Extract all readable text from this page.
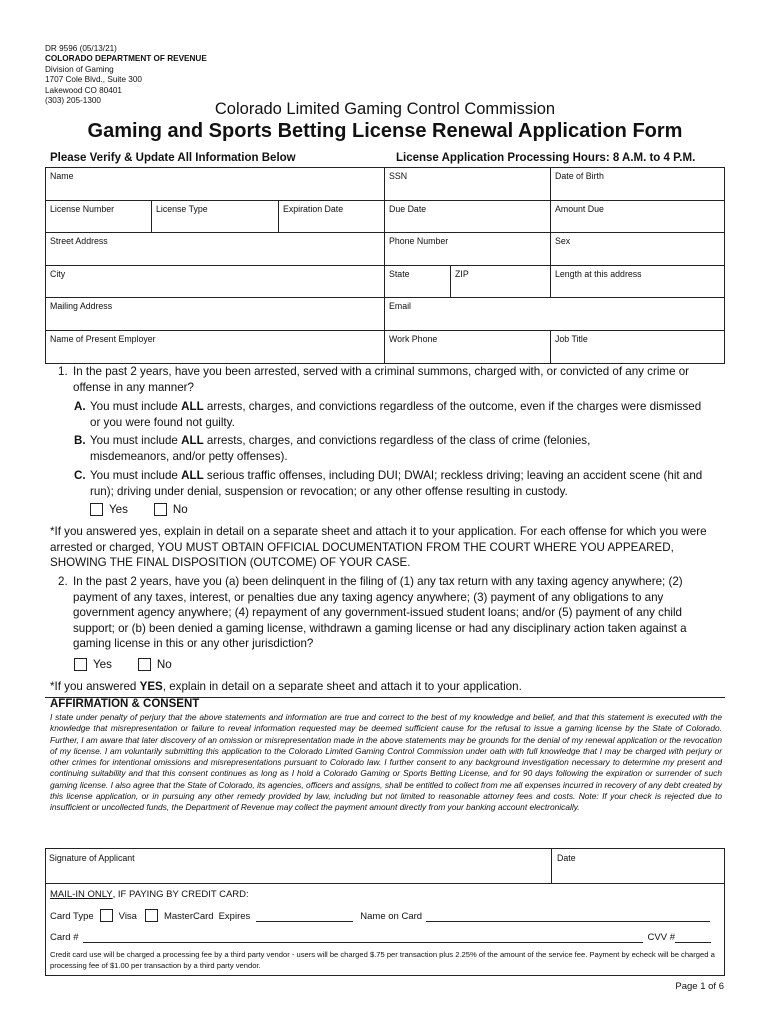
DR 9596 (05/13/21)
COLORADO DEPARTMENT OF REVENUE
Division of Gaming
1707 Cole Blvd., Suite 300
Lakewood CO 80401
(303) 205-1300	Colorado Limited Gaming Control Commission
Gaming and Sports Betting License Renewal Application Form
Please Verify & Update All Information Below	License Application Processing Hours: 8 A.M. to 4 P.M.
Name	SSN	Date of Birth
License Number	License Type	Expiration Date	Due Date	Amount Due
Street Address	Phone Number	Sex
City	State	ZIP	Length at this address
Mailing Address	Email
Name of Present Employer	Work Phone	Job Title
1. In the past 2 years, have you been arrested, served with a criminal summons, charged with, or convicted of any crime or offense in any manner?
A. You must include ALL arrests, charges, and convictions regardless of the outcome, even if the charges were dismissed or you were found not guilty.
B. You must include ALL arrests, charges, and convictions regardless of the class of crime (felonies, misdemeanors, and/or petty offenses).
C. You must include ALL serious traffic offenses, including DUI; DWAI; reckless driving; leaving an accident scene (hit and run); driving under denial, suspension or revocation; or any other offense resulting in custody.
Yes	No
*If you answered yes, explain in detail on a separate sheet and attach it to your application. For each offense for which you were arrested or charged, YOU MUST OBTAIN OFFICIAL DOCUMENTATION FROM THE COURT WHERE YOU APPEARED, SHOWING THE FINAL DISPOSITION (OUTCOME) OF YOUR CASE.
2. In the past 2 years, have you (a) been delinquent in the filing of (1) any tax return with any taxing agency anywhere; (2) payment of any taxes, interest, or penalties due any taxing agency anywhere; (3) payment of any obligations to any government agency anywhere; (4) repayment of any government-issued student loans; and/or (5) payment of any child support; or (b) been denied a gaming license, withdrawn a gaming license or had any disciplinary action taken against a gaming license in this or any other jurisdiction?
Yes	No
*If you answered YES, explain in detail on a separate sheet and attach it to your application.
AFFIRMATION & CONSENT
I state under penalty of perjury that the above statements and information are true and correct to the best of my knowledge and belief, and that this statement is executed with the knowledge that misrepresentation or failure to reveal information requested may be deemed sufficient cause for the refusal to issue a gaming license by the State of Colorado. Further, I am aware that later discovery of an omission or misrepresentation made in the above statements may be grounds for the denial of my renewal application or the revocation of my license. I am voluntarily submitting this application to the Colorado Limited Gaming Control Commission under oath with full knowledge that I may be charged with perjury or other crimes for intentional omissions and misrepresentations pursuant to Colorado law. I further consent to any background investigation necessary to determine my present and continuing suitability and that this consent continues as long as I hold a Colorado Gaming or Sports Betting License, and for 90 days following the expiration or surrender of such gaming license. I also agree that the State of Colorado, its agencies, officers and assigns, shall be entitled to collect from me all expenses incurred in recovery of any debt created by this license application, or in pursuing any other remedy provided by law, including but not limited to reasonable attorney fees and costs. Note: If your check is rejected due to insufficient or uncollected funds, the Department of Revenue may collect the payment amount directly from your banking account electronically.
Signature of Applicant	Date
MAIL-IN ONLY , IF PAYING BY CREDIT CARD:
Card Type	Visa	MasterCard Expires	Name on Card
Card #	CVV #
Credit card use will be charged a processing fee by a third party vendor - users will be charged $.75 per transaction plus 2.25% of the amount of the service fee. Payment by echeck will be charged a processing fee of $1.00 per transaction by a third party vendor.
Page 1 of 6
